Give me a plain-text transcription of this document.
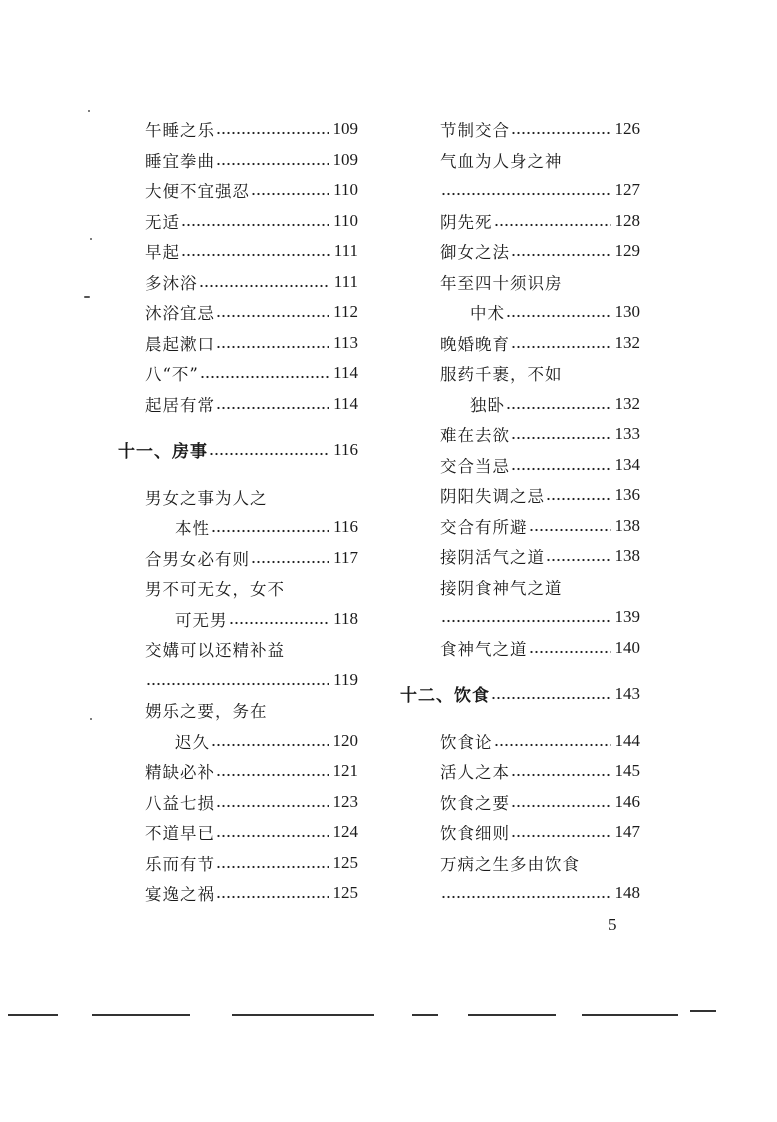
午睡之乐	109
睡宜拳曲	109
大便不宜强忍	110
无适	110
早起	111
多沐浴	111
沐浴宜忌	112
晨起漱口	113
八“不”	114
起居有常	114
十一、房事	116
男女之事为人之
本性	116
合男女必有则	117
男不可无女，女不
可无男	118
交媾可以还精补益
119
娚乐之要，务在
迟久	120
精缺必补	121
八益七损	123
不道早已	124
乐而有节	125
宴逸之祸	125
节制交合	126
气血为人身之神
127
阴先死	128
御女之法	129
年至四十须识房
中术	130
晚婚晚育	132
服药千裹，不如
独卧	132
难在去欲	133
交合当忌	134
阴阳失调之忌	136
交合有所避	138
接阴活气之道	138
接阴食神气之道
139
食神气之道	140
十二、饮食	143
饮食论	144
活人之本	145
饮食之要	146
饮食细则	147
万病之生多由饮食
148
5
